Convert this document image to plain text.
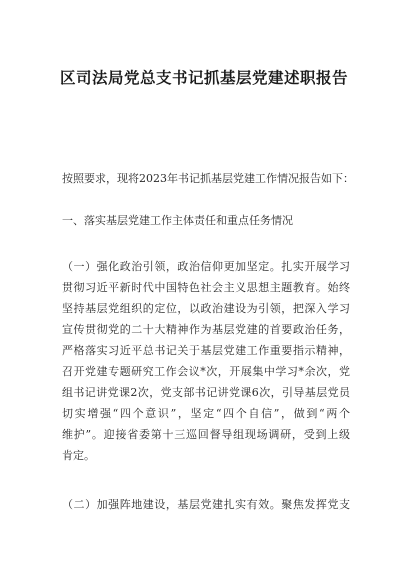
区司法局党总支书记抓基层党建述职报告
按照要求，现将2023年书记抓基层党建工作情况报告如下：
一、落实基层党建工作主体责任和重点任务情况
（一）强化政治引领，政治信仰更加坚定。扎实开展学习
贯彻习近平新时代中国特色社会主义思想主题教育。始终
坚持基层党组织的定位，以政治建设为引领，把深入学习
宣传贯彻党的二十大精神作为基层党建的首要政治任务，
严格落实习近平总书记关于基层党建工作重要指示精神，
召开党建专题研究工作会议*次，开展集中学习*余次，党
组书记讲党课2次，党支部书记讲党课6次，引导基层党员
切实增强“四个意识”，坚定“四个自信”，做到“两个
维护”。迎接省委第十三巡回督导组现场调研，受到上级
肯定。
（二）加强阵地建设，基层党建扎实有效。聚焦发挥党支
